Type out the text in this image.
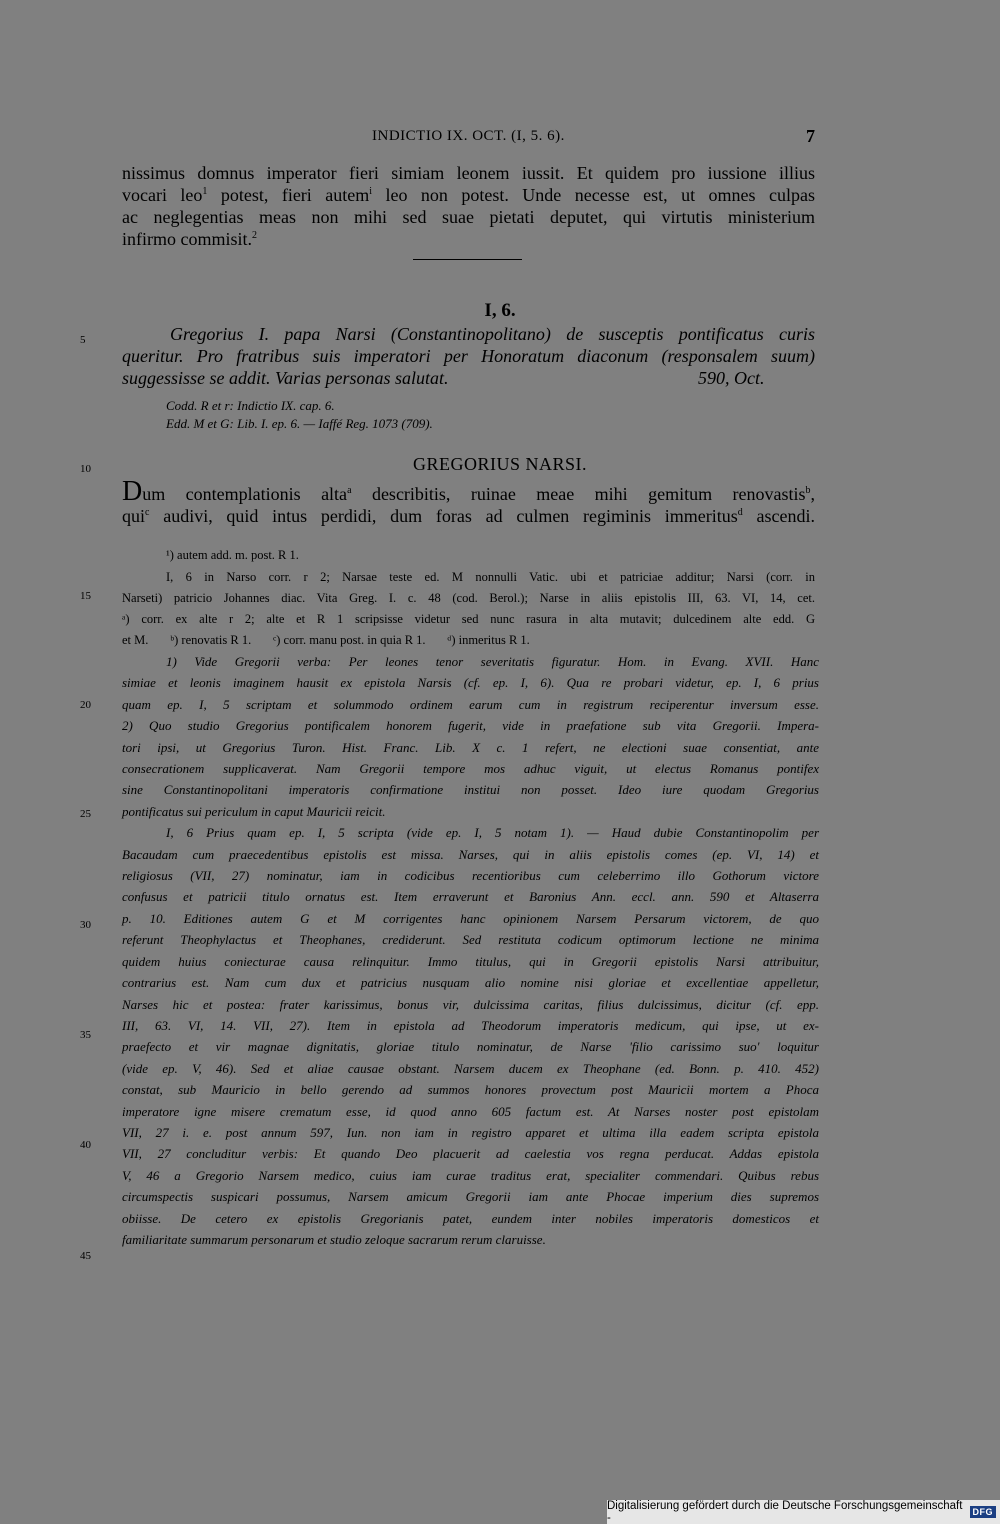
INDICTIO IX. OCT. (I, 5. 6).	7
nissimus domnus imperator fieri simiam leonem iussit. Et quidem pro iussione illius
vocari leo$^1$ potest, fieri autem$^i$ leo non potest. Unde necesse est, ut omnes culpas
ac neglegentias meas non mihi sed suae pietati deputet, qui virtutis ministerium
infirmo commisit.$^2$
I, 6.
Gregorius I. papa Narsi (Constantinopolitano) de susceptis pontificatus curis
queritur. Pro fratribus suis imperatori per Honoratum diaconum (responsalem suum)
suggessisse se addit. Varias personas salutat.	590, Oct.
Codd. R et r: Indictio IX. cap. 6.
Edd. M et G: Lib. I. ep. 6. — Iaffé Reg. 1073 (709).
GREGORIUS NARSI.
Dum contemplationis alta$^a$ describitis, ruinae meae mihi gemitum renovastis$^b$,
qui$^c$ audivi, quid intus perdidi, dum foras ad culmen regiminis immeritus$^d$ ascendi.
¹) autem add. m. post. R 1.
I, 6 in Narso corr. r 2; Narsae teste ed. M nonnulli Vatic. ubi et patriciae additur; Narsi (corr. in
Narseti) patricio Johannes diac. Vita Greg. I. c. 48 (cod. Berol.); Narse in aliis epistolis III, 63. VI, 14, cet.
ᵃ) corr. ex alte r 2; alte et R 1 scripsisse videtur sed nunc rasura in alta mutavit; dulcedinem alte edd. G
et M.       ᵇ) renovatis R 1.       ᶜ) corr. manu post. in quia R 1.       ᵈ) inmeritus R 1.
1) Vide Gregorii verba: Per leones tenor severitatis figuratur. Hom. in Evang. XVII. Hanc
simiae et leonis imaginem hausit ex epistola Narsis (cf. ep. I, 6). Qua re probari videtur, ep. I, 6 prius
quam ep. I, 5 scriptam et solummodo ordinem earum cum in registrum reciperentur inversum esse.
2) Quo studio Gregorius pontificalem honorem fugerit, vide in praefatione sub vita Gregorii. Impera-
tori ipsi, ut Gregorius Turon. Hist. Franc. Lib. X c. 1 refert, ne electioni suae consentiat, ante
consecrationem supplicaverat. Nam Gregorii tempore mos adhuc viguit, ut electus Romanus pontifex
sine Constantinopolitani imperatoris confirmatione institui non posset. Ideo iure quodam Gregorius
pontificatus sui periculum in caput Mauricii reicit.
I, 6 Prius quam ep. I, 5 scripta (vide ep. I, 5 notam 1). — Haud dubie Constantinopolim per
Bacaudam cum praecedentibus epistolis est missa. Narses, qui in aliis epistolis comes (ep. VI, 14) et
religiosus (VII, 27) nominatur, iam in codicibus recentioribus cum celeberrimo illo Gothorum victore
confusus et patricii titulo ornatus est. Item erraverunt et Baronius Ann. eccl. ann. 590 et Altaserra
p. 10. Editiones autem G et M corrigentes hanc opinionem Narsem Persarum victorem, de quo
referunt Theophylactus et Theophanes, crediderunt. Sed restituta codicum optimorum lectione ne minima
quidem huius coniecturae causa relinquitur. Immo titulus, qui in Gregorii epistolis Narsi attribuitur,
contrarius est. Nam cum dux et patricius nusquam alio nomine nisi gloriae et excellentiae appelletur,
Narses hic et postea: frater karissimus, bonus vir, dulcissima caritas, filius dulcissimus, dicitur (cf. epp.
III, 63. VI, 14. VII, 27). Item in epistola ad Theodorum imperatoris medicum, qui ipse, ut ex-
praefecto et vir magnae dignitatis, gloriae titulo nominatur, de Narse 'filio carissimo suo' loquitur
(vide ep. V, 46). Sed et aliae causae obstant. Narsem ducem ex Theophane (ed. Bonn. p. 410. 452)
constat, sub Mauricio in bello gerendo ad summos honores provectum post Mauricii mortem a Phoca
imperatore igne misere crematum esse, id quod anno 605 factum est. At Narses noster post epistolam
VII, 27 i. e. post annum 597, Iun. non iam in registro apparet et ultima illa eadem scripta epistola
VII, 27 concluditur verbis: Et quando Deo placuerit ad caelestia vos regna perducat. Addas epistola
V, 46 a Gregorio Narsem medico, cuius iam curae traditus erat, specialiter commendari. Quibus rebus
circumspectis suspicari possumus, Narsem amicum Gregorii iam ante Phocae imperium dies supremos
obiisse. De cetero ex epistolis Gregorianis patet, eundem inter nobiles imperatoris domesticos et
familiaritate summarum personarum et studio zeloque sacrarum rerum claruisse.
5
10
15
20
25
30
35
40
45
Digitalisierung gefördert durch die Deutsche Forschungsgemeinschaft -	DFG
